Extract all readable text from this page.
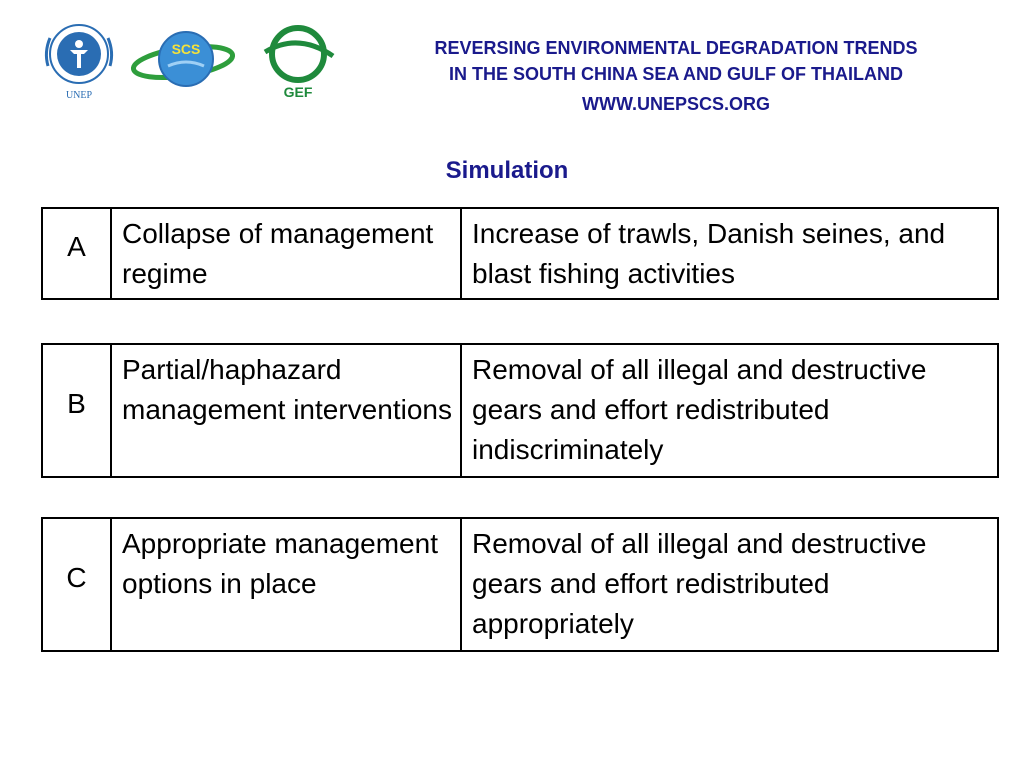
UNEP
SCS
GEF
REVERSING ENVIRONMENTAL DEGRADATION TRENDS
IN THE SOUTH CHINA SEA AND GULF OF THAILAND
WWW.UNEPSCS.ORG
Simulation
A	Collapse of management regime
Increase of trawls, Danish seines, and blast fishing activities
B
Partial/haphazard management interventions
Removal of all illegal and destructive gears and effort redistributed indiscriminately
C
Appropriate management options in place
Removal of all illegal and destructive gears and effort redistributed appropriately
